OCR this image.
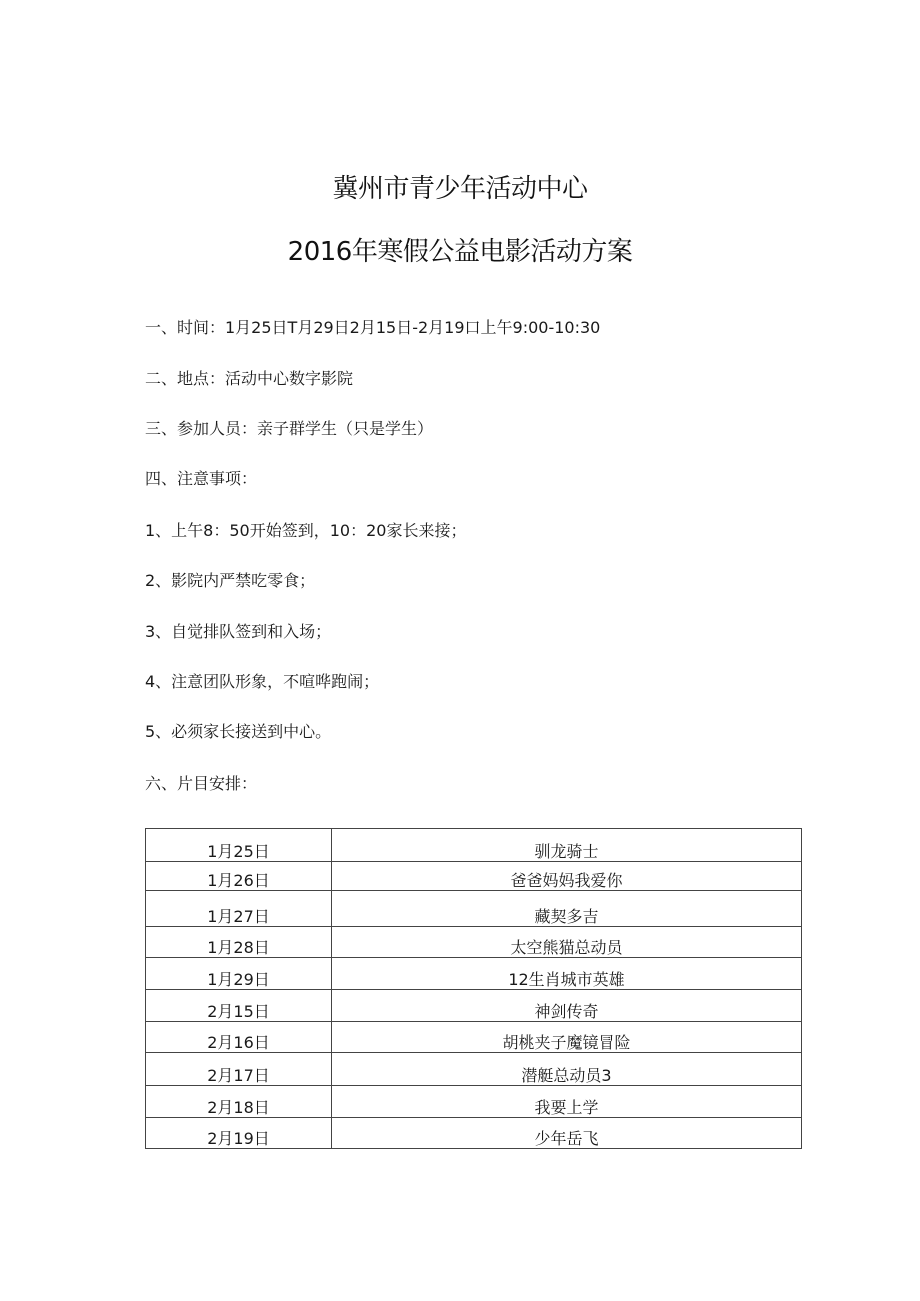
冀州市青少年活动中心
2016年寒假公益电影活动方案
一、时间：1月25日T月29日2月15日-2月19口上午9:00-10:30
二、地点：活动中心数字影院
三、参加人员：亲子群学生（只是学生）
四、注意事项：
1、上午8：50开始签到，10：20家长来接；
2、影院内严禁吃零食；
3、自觉排队签到和入场；
4、注意团队形象，不喧哗跑闹；
5、必须家长接送到中心。
六、片目安排：
1月25日	驯龙骑士
1月26日	爸爸妈妈我爱你
1月27日	藏契多吉
1月28日	太空熊猫总动员
1月29日	12生肖城市英雄
2月15日	神剑传奇
2月16日	胡桃夹子魔镜冒险
2月17日	潜艇总动员3
2月18日	我要上学
2月19日	少年岳飞
